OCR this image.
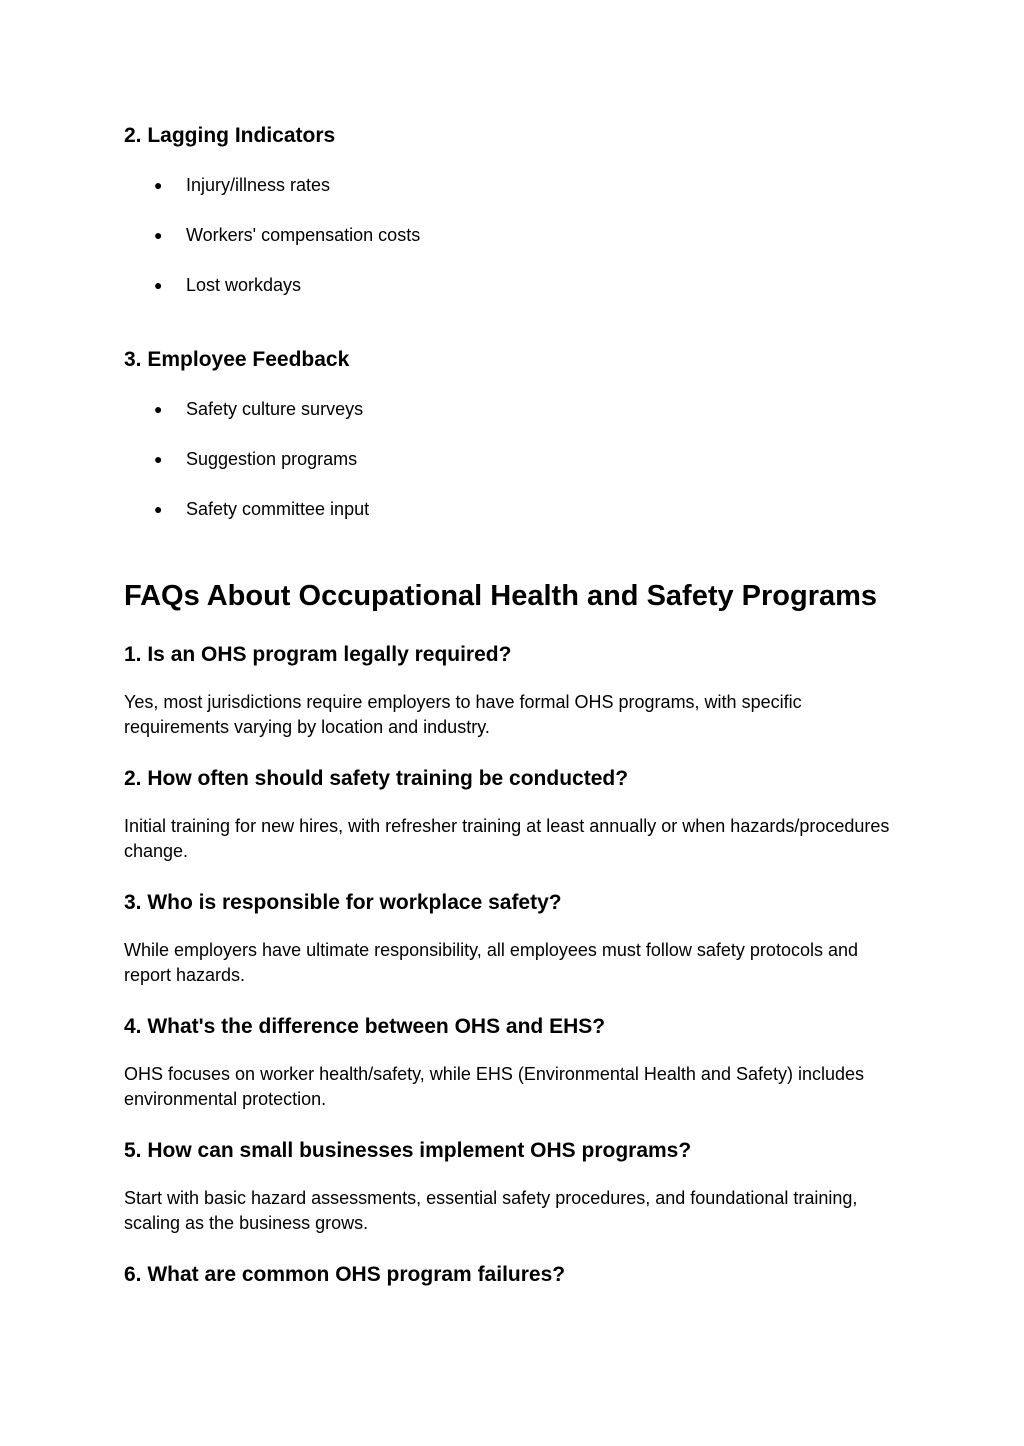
2. Lagging Indicators
● Injury/illness rates
● Workers' compensation costs
● Lost workdays
3. Employee Feedback
● Safety culture surveys
● Suggestion programs
● Safety committee input
FAQs About Occupational Health and Safety Programs
1. Is an OHS program legally required?

Yes, most jurisdictions require employers to have formal OHS programs, with specific requirements varying by location and industry.

2. How often should safety training be conducted?

Initial training for new hires, with refresher training at least annually or when hazards/procedures change.

3. Who is responsible for workplace safety?

While employers have ultimate responsibility, all employees must follow safety protocols and report hazards.

4. What's the difference between OHS and EHS?

OHS focuses on worker health/safety, while EHS (Environmental Health and Safety) includes environmental protection.

5. How can small businesses implement OHS programs?

Start with basic hazard assessments, essential safety procedures, and foundational training, scaling as the business grows.

6. What are common OHS program failures?
